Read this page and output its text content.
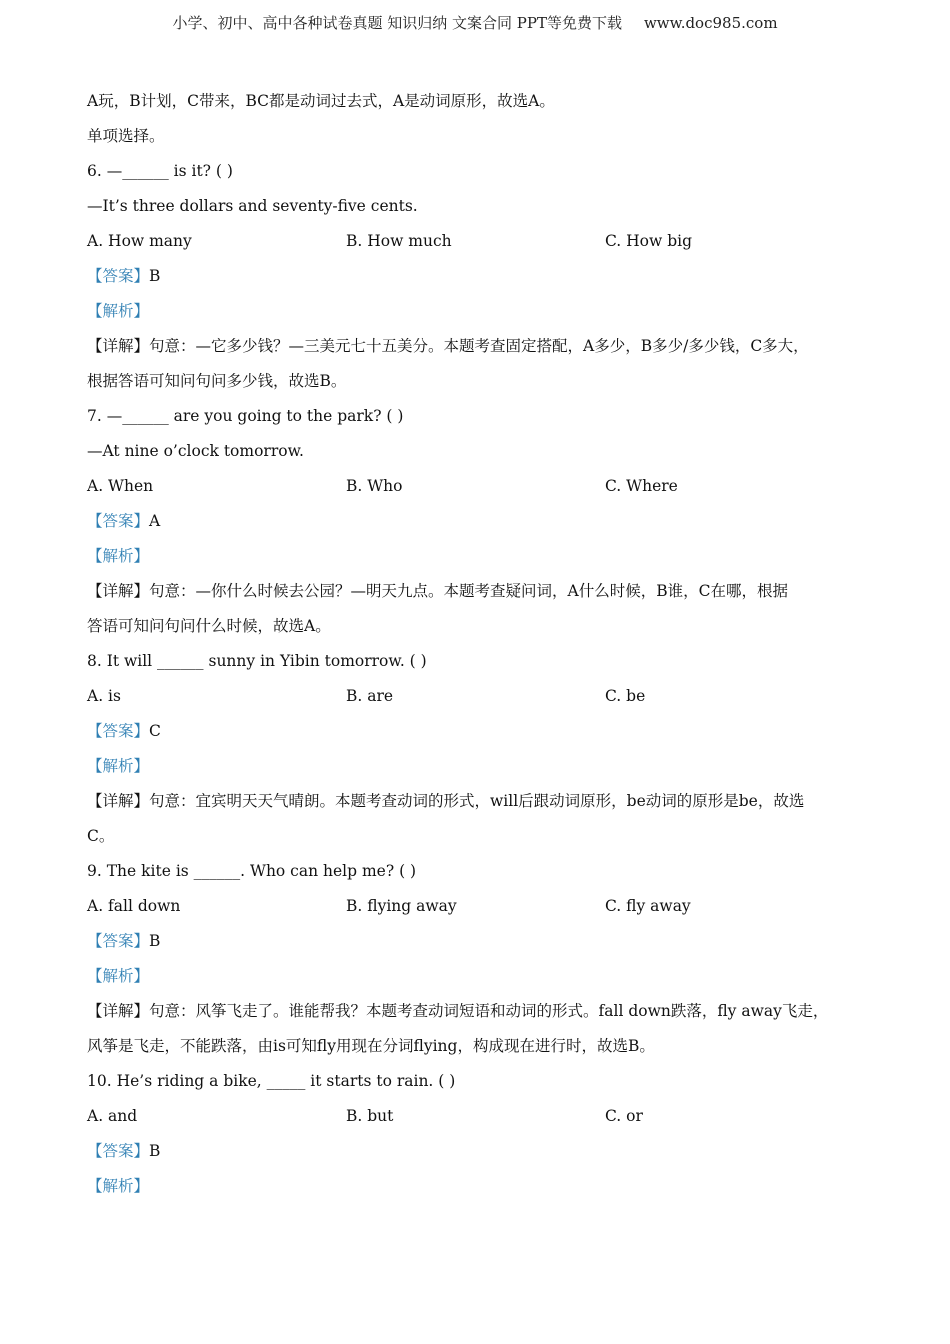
小学、初中、高中各种试卷真题 知识归纳 文案合同 PPT等免费下载 www.doc985.com
A玩，B计划，C带来，BC都是动词过去式，A是动词原形，故选A。
单项选择。
6. —______ is it? ( )
—It’s three dollars and seventy-five cents.
A. How many	B. How much	C. How big
【答案】B
【解析】
【详解】句意：—它多少钱？—三美元七十五美分。本题考查固定搭配，A多少，B多少/多少钱，C多大，
根据答语可知问句问多少钱，故选B。
7. —______ are you going to the park? ( )
—At nine o’clock tomorrow.
A. When	B. Who	C. Where
【答案】A
【解析】
【详解】句意：—你什么时候去公园？—明天九点。本题考查疑问词，A什么时候，B谁，C在哪，根据
答语可知问句问什么时候，故选A。
8. It will ______ sunny in Yibin tomorrow. ( )
A. is	B. are	C. be
【答案】C
【解析】
【详解】句意：宜宾明天天气晴朗。本题考查动词的形式，will后跟动词原形，be动词的原形是be，故选
C。
9. The kite is ______. Who can help me? ( )
A. fall down	B. flying away	C. fly away
【答案】B
【解析】
【详解】句意：风筝飞走了。谁能帮我？本题考查动词短语和动词的形式。fall down跌落，fly away飞走，
风筝是飞走，不能跌落，由is可知fly用现在分词flying，构成现在进行时，故选B。
10. He’s riding a bike, _____ it starts to rain. ( )
A. and	B. but	C. or
【答案】B
【解析】
